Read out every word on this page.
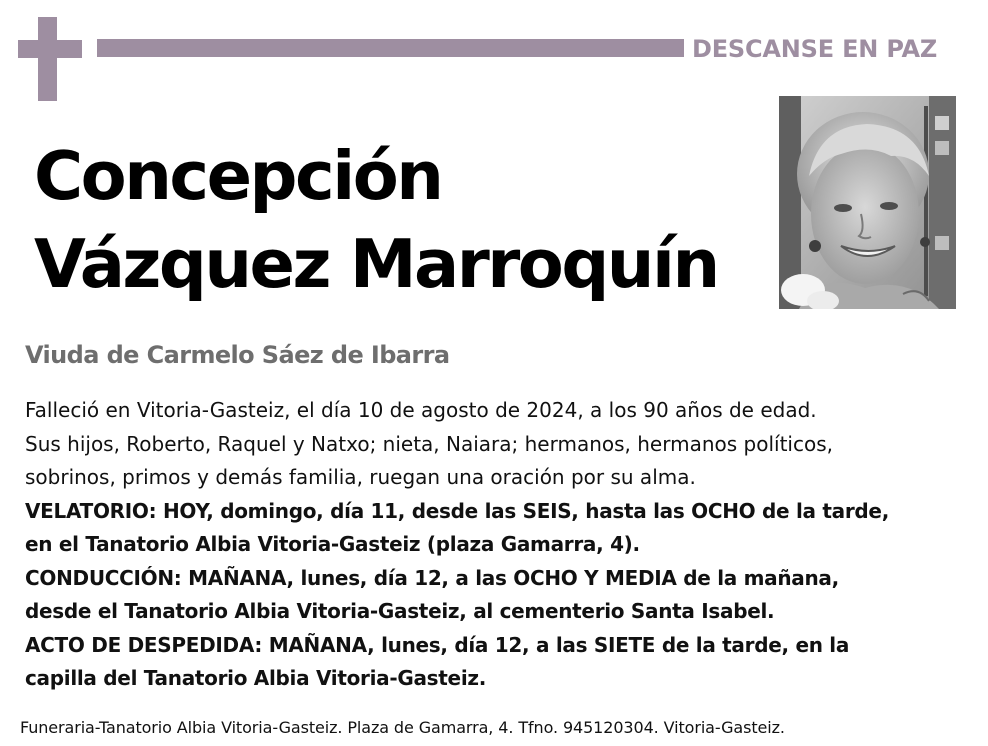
DESCANSE EN PAZ
Concepción
Vázquez Marroquín
Viuda de Carmelo Sáez de Ibarra

Falleció en Vitoria-Gasteiz, el día 10 de agosto de 2024, a los 90 años de edad.

Sus hijos, Roberto, Raquel y Natxo; nieta, Naiara; hermanos, hermanos políticos,

sobrinos, primos y demás familia, ruegan una oración por su alma.

VELATORIO: HOY, domingo, día 11, desde las SEIS, hasta las OCHO de la tarde,

en el Tanatorio Albia Vitoria-Gasteiz (plaza Gamarra, 4).

CONDUCCIÓN: MAÑANA, lunes, día 12, a las OCHO Y MEDIA de la mañana,

desde el Tanatorio Albia Vitoria-Gasteiz, al cementerio Santa Isabel.

ACTO DE DESPEDIDA: MAÑANA, lunes, día 12, a las SIETE de la tarde, en la

capilla del Tanatorio Albia Vitoria-Gasteiz.

Funeraria-Tanatorio Albia Vitoria-Gasteiz. Plaza de Gamarra, 4. Tfno. 945120304. Vitoria-Gasteiz.
